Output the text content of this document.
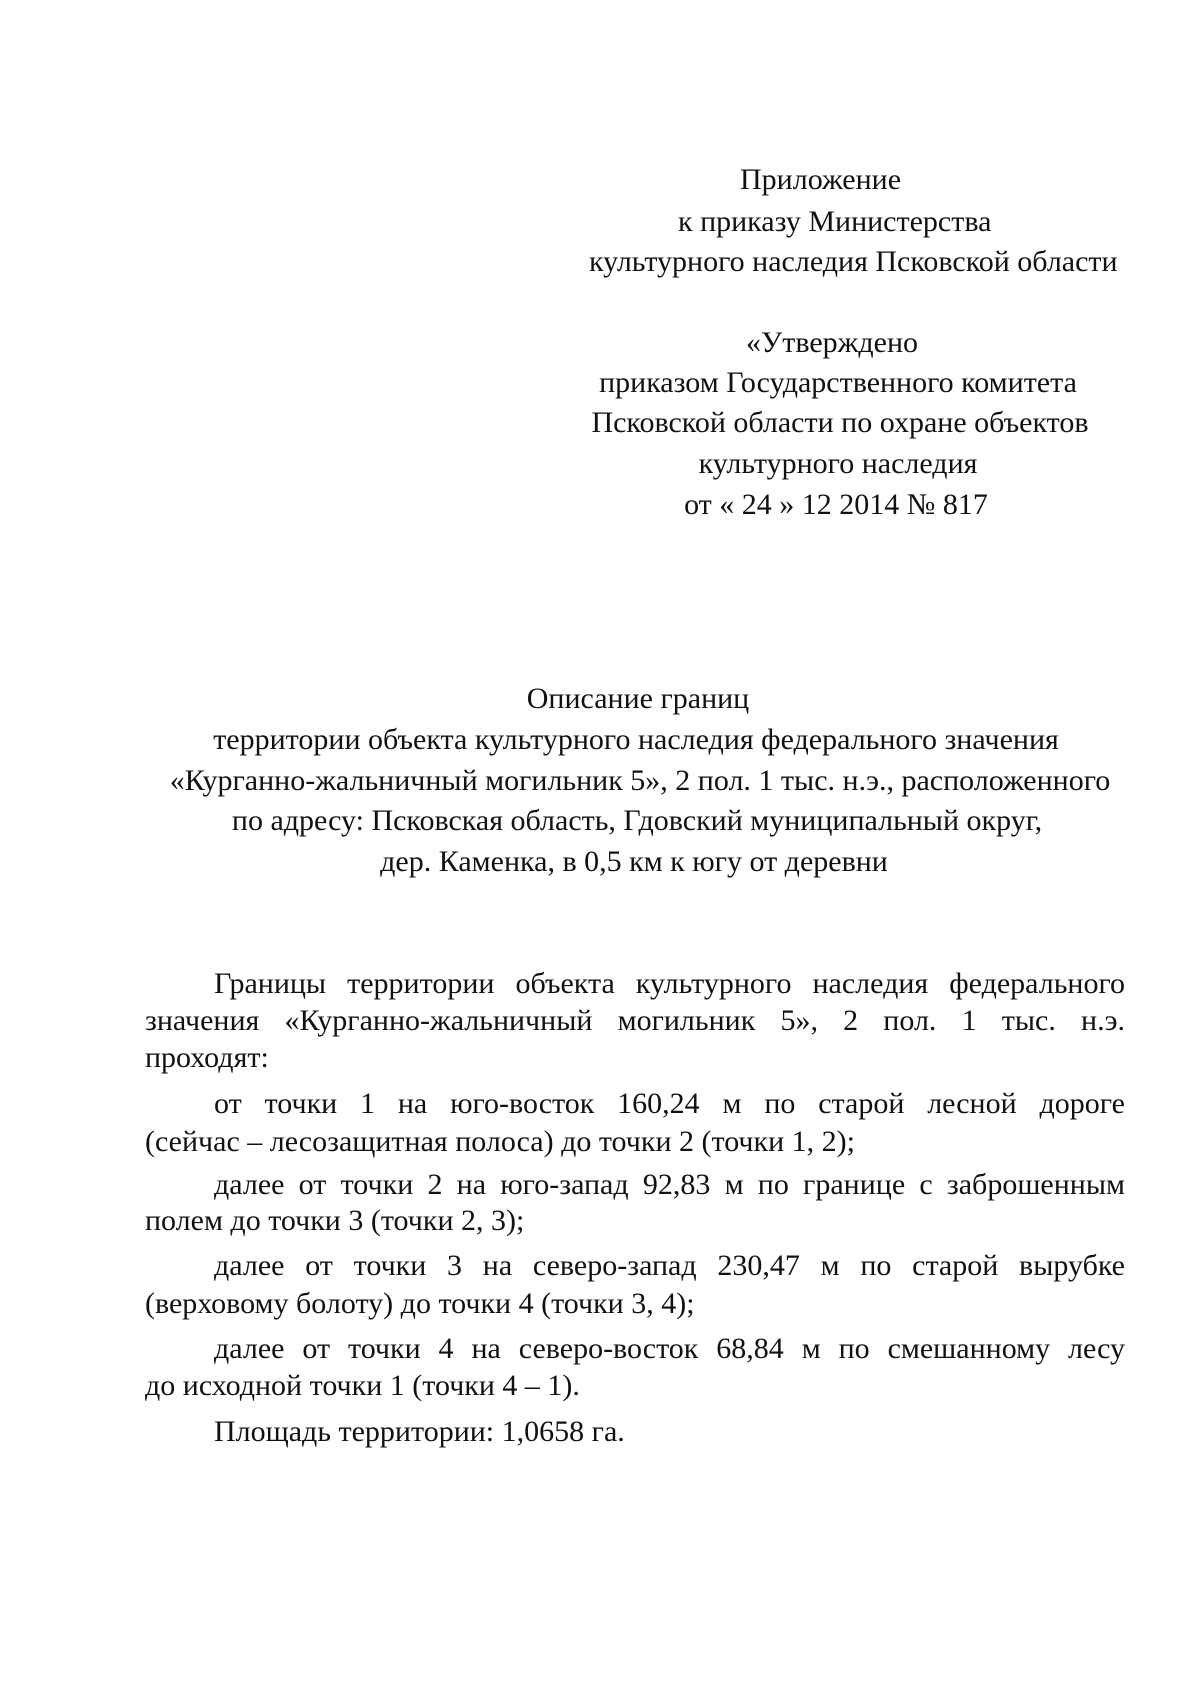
Приложение
к приказу Министерства
культурного наследия Псковской области
«Утверждено
приказом Государственного комитета
Псковской области по охране объектов
культурного наследия
от « 24 » 12 2014 № 817
Описание границ
территории объекта культурного наследия федерального значения
«Курганно-жальничный могильник 5», 2 пол. 1 тыс. н.э., расположенного
по адресу: Псковская область, Гдовский муниципальный округ,
дер. Каменка, в 0,5 км к югу от деревни
Границы территории объекта культурного наследия федерального
значения «Курганно-жальничный могильник 5», 2 пол. 1 тыс. н.э.
проходят:
от точки 1 на юго-восток 160,24 м по старой лесной дороге
(сейчас – лесозащитная полоса) до точки 2 (точки 1, 2);
далее от точки 2 на юго-запад 92,83 м по границе с заброшенным
полем до точки 3 (точки 2, 3);
далее от точки 3 на северо-запад 230,47 м по старой вырубке
(верховому болоту) до точки 4 (точки 3, 4);
далее от точки 4 на северо-восток 68,84 м по смешанному лесу
до исходной точки 1 (точки 4 – 1).
Площадь территории: 1,0658 га.
